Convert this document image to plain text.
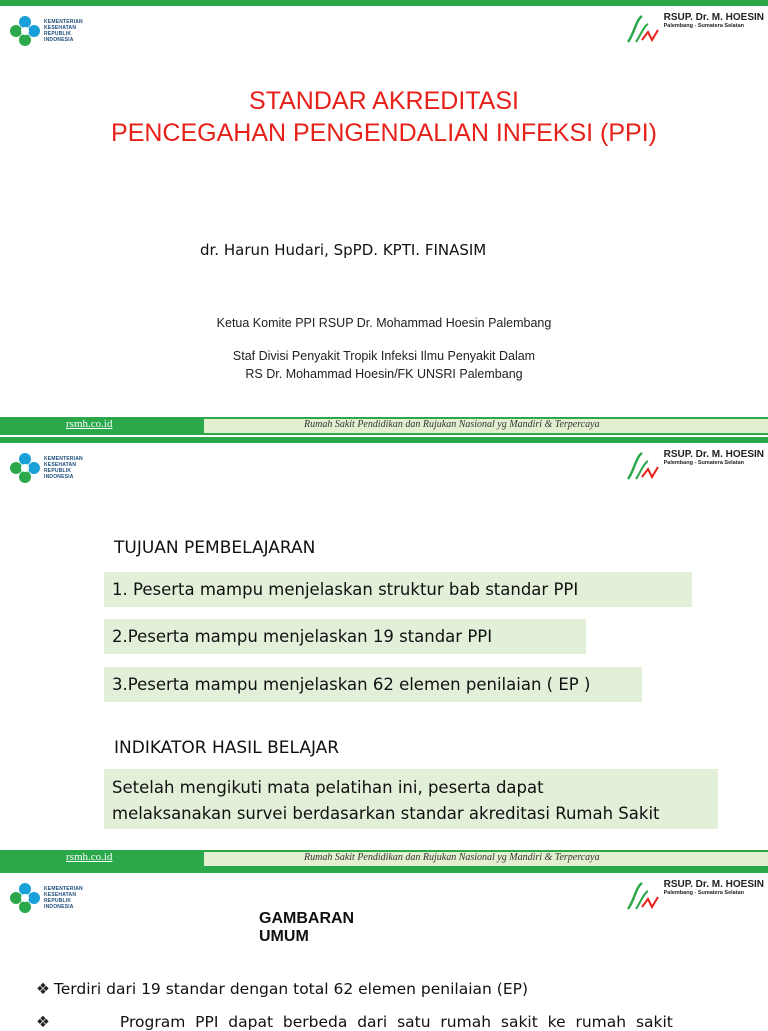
KEMENTERIAN
KESEHATAN
REPUBLIK
INDONESIA
RSUP. Dr. M. HOESIN
Palembang - Sumatera Selatan
STANDAR AKREDITASI
PENCEGAHAN PENGENDALIAN INFEKSI (PPI)
dr. Harun Hudari, SpPD. KPTI. FINASIM
Ketua Komite PPI RSUP Dr. Mohammad Hoesin Palembang
Staf Divisi Penyakit Tropik Infeksi Ilmu Penyakit Dalam
RS Dr. Mohammad Hoesin/FK UNSRI Palembang
rsmh.co.id	Rumah Sakit Pendidikan dan Rujukan Nasional yg Mandiri & Terpercaya
KEMENTERIAN
KESEHATAN
REPUBLIK
INDONESIA
RSUP. Dr. M. HOESIN
Palembang - Sumatera Selatan
TUJUAN PEMBELAJARAN
1. Peserta mampu menjelaskan struktur bab standar PPI
2.Peserta mampu menjelaskan 19 standar PPI
3.Peserta mampu menjelaskan 62 elemen penilaian ( EP )
INDIKATOR HASIL BELAJAR
Setelah mengikuti mata pelatihan ini, peserta dapat
melaksanakan survei berdasarkan standar akreditasi Rumah Sakit
rsmh.co.id	Rumah Sakit Pendidikan dan Rujukan Nasional yg Mandiri & Terpercaya
KEMENTERIAN
KESEHATAN
REPUBLIK
INDONESIA
RSUP. Dr. M. HOESIN
Palembang - Sumatera Selatan
GAMBARAN
UMUM
❖ Terdiri dari 19 standar dengan total 62 elemen penilaian (EP)
❖	Program  PPI  dapat  berbeda  dari  satu  rumah  sakit  ke  rumah  sakit
